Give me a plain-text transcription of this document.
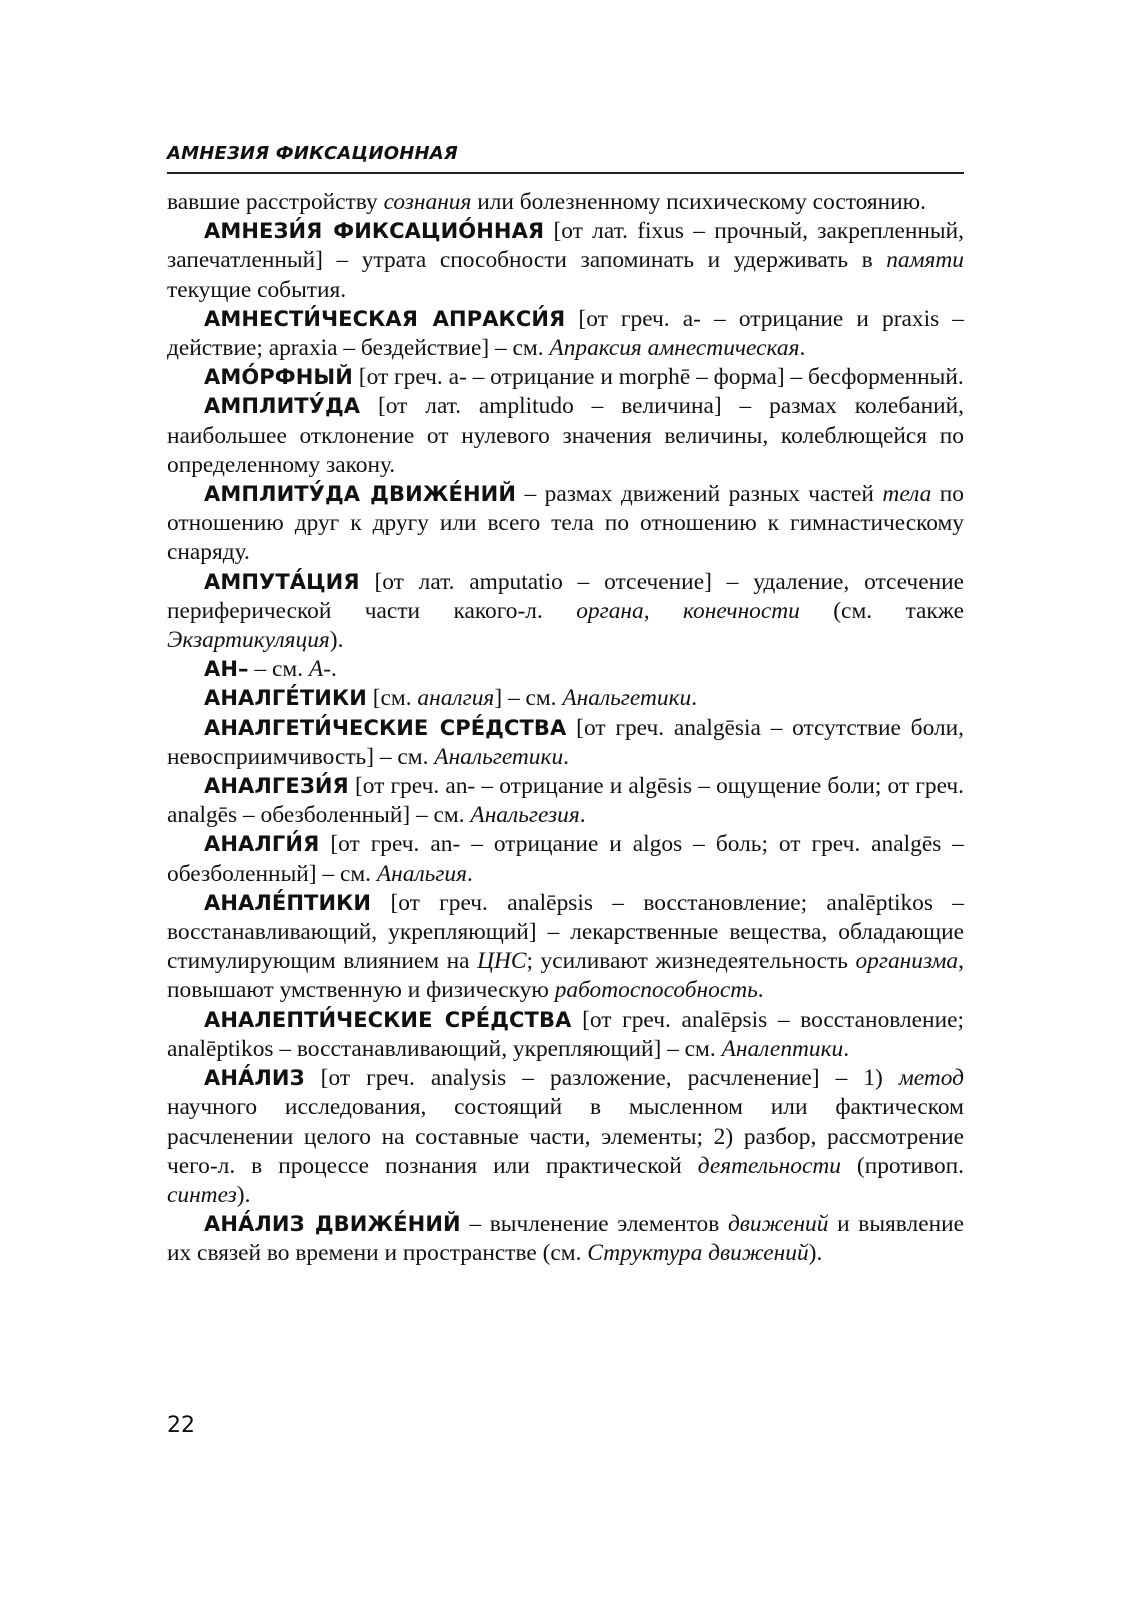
АМНЕЗИЯ ФИКСАЦИОННАЯ

вавшие расстройству сознания или болезненному психическому состоянию.

АМНЕЗИ́Я ФИКСАЦИО́ННАЯ [от лат. fixus – прочный, закрепленный, запечатленный] – утрата способности запоминать и удерживать в памяти текущие события.

АМНЕСТИ́ЧЕСКАЯ АПРАКСИ́Я [от греч. а- – отрицание и praxis – действие; apraxia – бездействие] – см. Апраксия амнестическая.

АМО́РФНЫЙ [от греч. а- – отрицание и morphē – форма] – бесформенный.

АМПЛИТУ́ДА [от лат. amplitudo – величина] – размах колебаний, наибольшее отклонение от нулевого значения величины, колеблющейся по определенному закону.

АМПЛИТУ́ДА ДВИЖЕ́НИЙ – размах движений разных частей тела по отношению друг к другу или всего тела по отношению к гимнастическому снаряду.

АМПУТА́ЦИЯ [от лат. amputatio – отсечение] – удаление, отсечение периферической части какого-л. органа, конечности (см. также Экзартикуляция).

АН– – см. А-.

АНАЛГЕ́ТИКИ [см. аналгия] – см. Анальгетики.

АНАЛГЕТИ́ЧЕСКИЕ СРЕ́ДСТВА [от греч. analgēsia – отсутствие боли, невосприимчивость] – см. Анальгетики.

АНАЛГЕЗИ́Я [от греч. an- – отрицание и algēsis – ощущение боли; от греч. analgēs – обезболенный] – см. Анальгезия.

АНАЛГИ́Я [от греч. an- – отрицание и algos – боль; от греч. analgēs – обезболенный] – см. Анальгия.

АНАЛЕ́ПТИКИ [от греч. analēpsis – восстановление; analēptikos – восстанавливающий, укрепляющий] – лекарственные вещества, обладающие стимулирующим влиянием на ЦНС; усиливают жизнедеятельность организма, повышают умственную и физическую работоспособность.

АНАЛЕПТИ́ЧЕСКИЕ СРЕ́ДСТВА [от греч. analēpsis – восстановление; analēptikos – восстанавливающий, укрепляющий] – см. Аналептики.

АНА́ЛИЗ [от греч. analysis – разложение, расчленение] – 1) метод научного исследования, состоящий в мысленном или фактическом расчленении целого на составные части, элементы; 2) разбор, рассмотрение чего-л. в процессе познания или практической деятельности (противоп. синтез).

АНА́ЛИЗ ДВИЖЕ́НИЙ – вычленение элементов движений и выявление их связей во времени и пространстве (см. Структура движений).

22
